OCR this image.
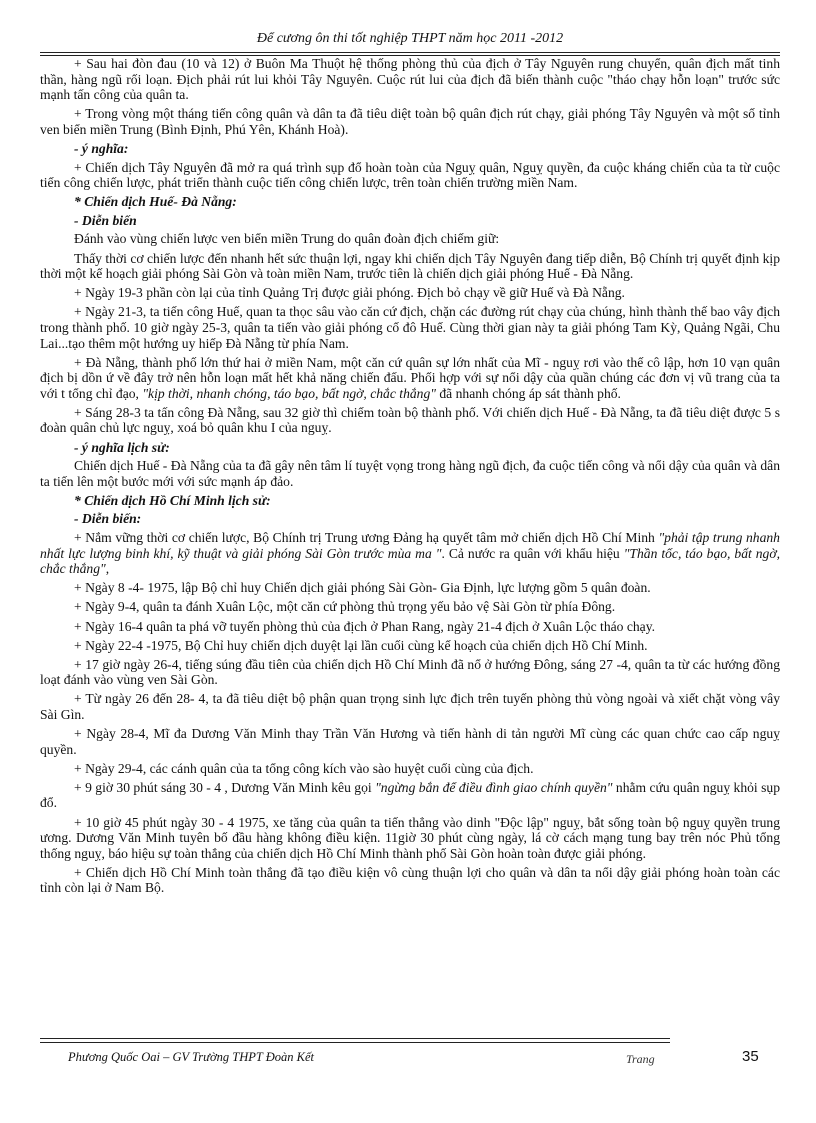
Để cương ôn thi tốt nghiệp THPT năm học 2011 -2012

+ Sau hai đòn đau (10 và 12) ở Buôn Ma Thuột hệ thống phòng thủ của địch ở Tây Nguyên rung chuyển, quân địch mất tinh thần, hàng ngũ rối loạn. Địch phải rút lui khỏi Tây Nguyên. Cuộc rút lui của địch đã biến thành cuộc "tháo chạy hỗn loạn" trước sức mạnh tấn công của quân ta.

+ Trong vòng một tháng tiến công quân và dân ta đã tiêu diệt toàn bộ quân địch rút chạy, giải phóng Tây Nguyên và một số tỉnh ven biển miền Trung (Bình Định, Phú Yên, Khánh Hoà).

- ý nghĩa:

+ Chiến dịch Tây Nguyên đã mở ra quá trình sụp đổ hoàn toàn của Nguỵ quân, Nguỵ quyền, đa cuộc kháng chiến của ta từ cuộc tiến công chiến lược, phát triển thành cuộc tiến công chiến lược, trên toàn chiến trường miền Nam.

* Chiến dịch Huế- Đà Nẵng:

- Diễn biến

Đánh vào vùng chiến lược ven biển miền Trung do quân đoàn địch chiếm giữ:

Thấy thời cơ chiến lược đến nhanh hết sức thuận lợi, ngay khi chiến dịch Tây Nguyên đang tiếp diễn, Bộ Chính trị quyết định kịp thời một kế hoạch giải phóng Sài Gòn và toàn miền Nam, trước tiên là chiến dịch giải phóng Huế - Đà Nẵng.

+ Ngày 19-3 phần còn lại của tỉnh Quảng Trị được giải phóng. Địch bỏ chạy về giữ Huế và Đà Nẵng.

+ Ngày 21-3, ta tiến công Huế, quan ta thọc sâu vào căn cứ địch, chặn các đường rút chạy của chúng, hình thành thế bao vây địch trong thành phố. 10 giờ ngày 25-3, quân ta tiến vào giải phóng cố đô Huế. Cùng thời gian này ta giải phóng Tam Kỳ, Quảng Ngãi, Chu Lai...tạo thêm một hướng uy hiếp Đà Nẵng từ phía Nam.

+ Đà Nẵng, thành phố lớn thứ hai ở miền Nam, một căn cứ quân sự lớn nhất của Mĩ - nguỵ rơi vào thế cô lập, hơn 10 vạn quân địch bị dồn ứ về đây trở nên hỗn loạn mất hết khả năng chiến đấu. Phối hợp với sự nổi dậy của quần chúng các đơn vị vũ trang của ta với t tổng chỉ đạo, "kịp thời, nhanh chóng, táo bạo, bất ngờ, chắc thắng" đã nhanh chóng áp sát thành phố.

+ Sáng 28-3 ta tấn công Đà Nẵng, sau 32 giờ thì chiếm toàn bộ thành phố. Với chiến dịch Huế - Đà Nẵng, ta đã tiêu diệt được 5 s đoàn quân chủ lực nguỵ, xoá bỏ quân khu I của nguỵ.

- ý nghĩa lịch sử:

Chiến dịch Huế - Đà Nẵng của ta đã gây nên tâm lí tuyệt vọng trong hàng ngũ địch, đa cuộc tiến công và nổi dậy của quân và dân ta tiến lên một bước mới với sức mạnh áp đảo.

* Chiến dịch Hồ Chí Minh lịch sử:

- Diễn biến:

+ Nắm vững thời cơ chiến lược, Bộ Chính trị Trung ương Đảng hạ quyết tâm mở chiến dịch Hồ Chí Minh "phải tập trung nhanh nhất lực lượng binh khí, kỹ thuật và giải phóng Sài Gòn trước mùa ma ". Cả nước ra quân với khẩu hiệu "Thần tốc, táo bạo, bất ngờ, chắc thắng",

+ Ngày 8 -4- 1975, lập Bộ chỉ huy Chiến dịch giải phóng Sài Gòn- Gia Định, lực lượng gồm 5 quân đoàn.

+ Ngày 9-4, quân ta đánh Xuân Lộc, một căn cứ phòng thủ trọng yếu bảo vệ Sài Gòn từ phía Đông.

+ Ngày 16-4 quân ta phá vỡ tuyến phòng thủ của địch ở Phan Rang, ngày 21-4 địch ở Xuân Lộc tháo chạy.

+ Ngày 22-4 -1975, Bộ Chỉ huy chiến dịch duyệt lại lần cuối cùng kế hoạch của chiến dịch Hồ Chí Minh.

+ 17 giờ ngày 26-4, tiếng súng đầu tiên của chiến dịch Hồ Chí Minh đã nổ ở hướng Đông, sáng 27 -4, quân ta từ các hướng đồng loạt đánh vào vùng ven Sài Gòn.

+ Từ ngày 26 đến 28- 4, ta đã tiêu diệt bộ phận quan trọng sinh lực địch trên tuyến phòng thủ vòng ngoài và xiết chặt vòng vây Sài Gìn.

+ Ngày 28-4, Mĩ đa Dương Văn Minh thay Trần Văn Hương và tiến hành di tản người Mĩ cùng các quan chức cao cấp nguỵ quyền.

+ Ngày 29-4, các cánh quân của ta tổng công kích vào sào huyệt cuối cùng của địch.

+ 9 giờ 30 phút sáng 30 - 4 , Dương Văn Minh kêu gọi "ngừng bắn để điều đình giao chính quyền" nhằm cứu quân nguỵ khỏi sụp đổ.

+ 10 giờ 45 phút ngày 30 - 4 1975, xe tăng của quân ta tiến thẳng vào dinh "Độc lập" nguỵ, bắt sống toàn bộ nguỵ quyền trung ương. Dương Văn Minh tuyên bố đầu hàng không điều kiện. 11giờ 30 phút cùng ngày, lá cờ cách mạng tung bay trên nóc Phủ tổng thống nguỵ, báo hiệu sự toàn thắng của chiến dịch Hồ Chí Minh thành phố Sài Gòn hoàn toàn được giải phóng.

+ Chiến dịch Hồ Chí Minh toàn thắng đã tạo điều kiện vô cùng thuận lợi cho quân và dân ta nổi dậy giải phóng hoàn toàn các tỉnh còn lại ở Nam Bộ.

Phương Quốc Oai – GV Trường THPT Đoàn Kết	Trang	35
